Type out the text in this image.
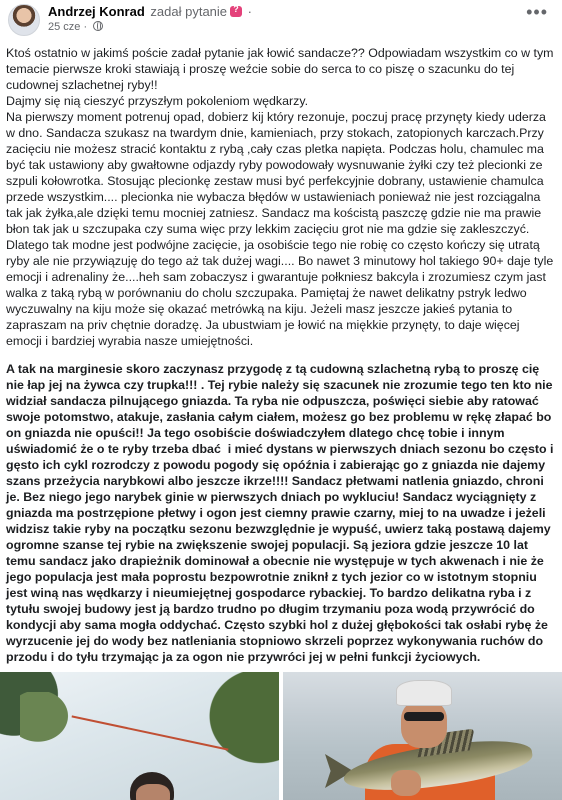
Andrzej Konrad zadał pytanie? ·
25 cze ·
•••

Ktoś ostatnio w jakimś poście zadał pytanie jak łowić sandacze?? Odpowiadam wszystkim co w tym temacie pierwsze kroki stawiają i proszę weźcie sobie do serca to co piszę o szacunku do tej cudownej szlachetnej ryby!!

Dajmy się nią cieszyć przyszłym pokoleniom wędkarzy.

Na pierwszy moment potrenuj opad, dobierz kij który rezonuje, poczuj pracę przynęty kiedy uderza w dno. Sandacza szukasz na twardym dnie, kamieniach, przy stokach, zatopionych karczach.Przy zacięciu nie możesz stracić kontaktu z rybą ,cały czas pletka napięta. Podczas holu, chamulec ma być tak ustawiony aby gwałtowne odjazdy ryby powodowały wysnuwanie żyłki czy też plecionki ze szpuli kołowrotka. Stosując plecionkę zestaw musi być perfekcyjnie dobrany, ustawienie chamulca przede wszystkim.... plecionka nie wybacza błędów w ustawieniach ponieważ nie jest rozciągalna tak jak żyłka,ale dzięki temu mocniej zatniesz. Sandacz ma kościstą paszczę gdzie nie ma prawie błon tak jak u szczupaka czy suma więc przy lekkim zacięciu grot nie ma gdzie się zakleszczyć. Dlatego tak modne jest podwójne zacięcie, ja osobiście tego nie robię co często kończy się utratą ryby ale nie przywiązuję do tego aż tak dużej wagi.... Bo nawet 3 minutowy hol takiego 90+ daje tyle emocji i adrenaliny że....heh sam zobaczysz i gwarantuje połkniesz bakcyla i zrozumiesz czym jast walka z taką rybą w porównaniu do cholu szczupaka. Pamiętaj że nawet delikatny pstryk ledwo wyczuwalny na kiju może się okazać metrówką na kiju. Jeżeli masz jeszcze jakieś pytania to zapraszam na priv chętnie doradzę. Ja ubustwiam je łowić na miękkie przynęty, to daje więcej emocji i bardziej wyrabia nasze umiejętności.

A tak na marginesie skoro zaczynasz przygodę z tą cudowną szlachetną rybą to proszę cię nie łap jej na żywca czy trupka!!! . Tej rybie należy się szacunek nie zrozumie tego ten kto nie widział sandacza pilnującego gniazda. Ta ryba nie odpuszcza, poświęci siebie aby ratować swoje potomstwo, atakuje, zasłania całym ciałem, możesz go bez problemu w rękę złapać bo on gniazda nie opuści!! Ja tego osobiście doświadczyłem dlatego chcę tobie i innym uświadomić że o te ryby trzeba dbać  i mieć dystans w pierwszych dniach sezonu bo często i gęsto ich cykl rozrodczy z powodu pogody się opóźnia i zabierając go z gniazda nie dajemy szans przeżycia narybkowi albo jeszcze ikrze!!!! Sandacz płetwami natlenia gniazdo, chroni je. Bez niego jego narybek ginie w pierwszych dniach po wykluciu! Sandacz wyciągnięty z gniazda ma postrzępione płetwy i ogon jest ciemny prawie czarny, miej to na uwadze i jeżeli widzisz takie ryby na początku sezonu bezwzględnie je wypuść, uwierz taką postawą dajemy ogromne szanse tej rybie na zwiększenie swojej populacji. Są jeziora gdzie jeszcze 10 lat temu sandacz jako drapieżnik dominował a obecnie nie występuje w tych akwenach i nie że jego populacja jest mała poprostu bezpowrotnie zniknł z tych jezior co w istotnym stopniu jest winą nas wędkarzy i nieumiejętnej gospodarce rybackiej. To bardzo delikatna ryba i z tytułu swojej budowy jest ją bardzo trudno po długim trzymaniu poza wodą przywrócić do kondycji aby sama mogła oddychać. Często szybki hol z dużej głębokości tak osłabi rybę że wyrzucenie jej do wody bez natleniania stopniowo skrzeli poprzez wykonywania ruchów do przodu i do tyłu trzymając ja za ogon nie przywróci jej w pełni funkcji życiowych.
